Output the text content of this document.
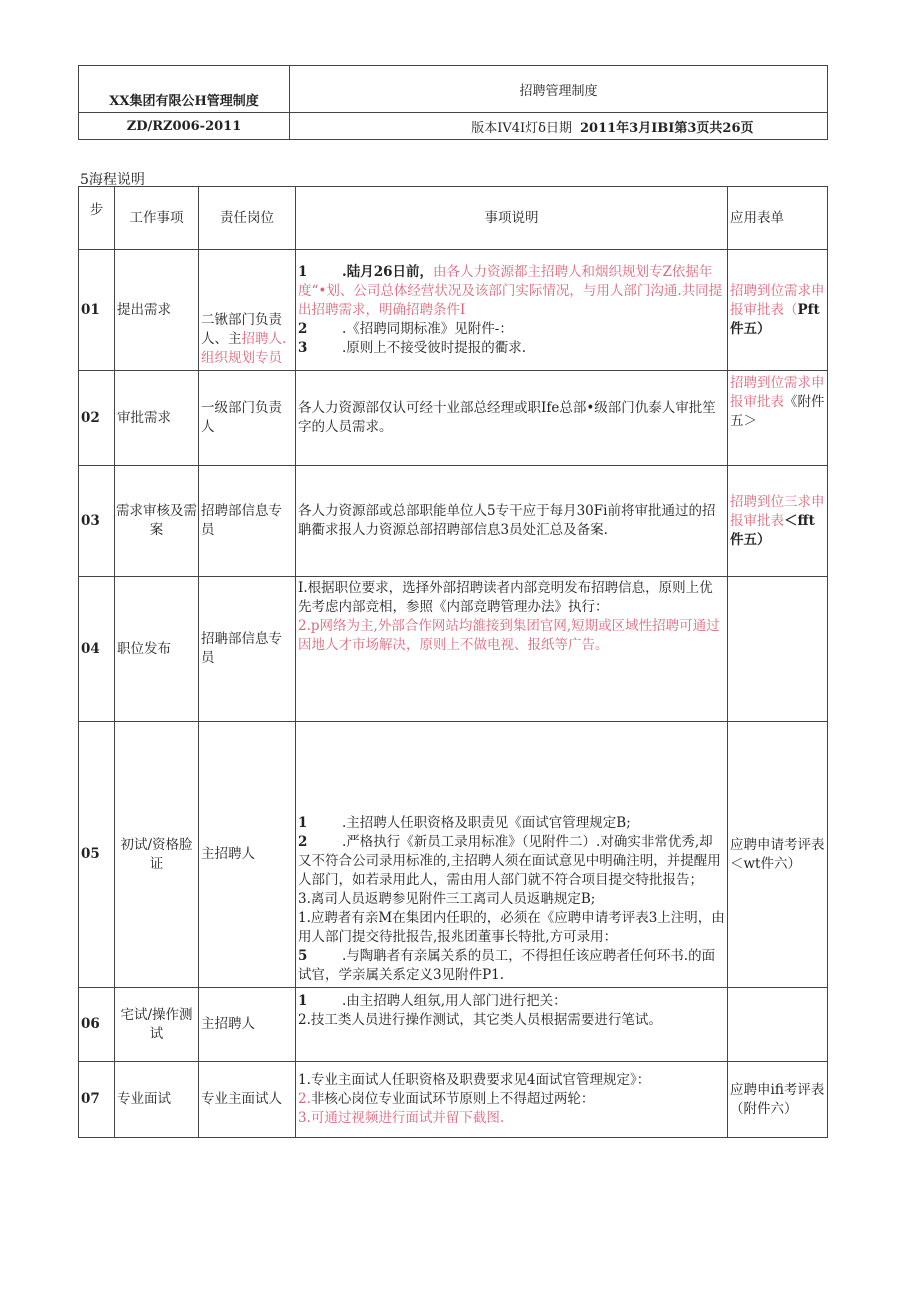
XX集团有限公H管理制度	招聘管理制度
ZD/RZ006-2011	版本IV4I灯δ日期 2011年3月IBI第3页共26页
5海程说明
步	工作事项	责任岗位	事项说明	应用表单
01	提出需求	二锹部门负责人、主招聘人.组织规划专员	1 .陆月26日前，由各人力资源都主招聘人和烟织规划专Z依据年度“•划、公司总体经营状况及该部门实际情况，与用人部门沟通.共同提出招聘需求，明确招聘条件I

2 .《招聘同期标准》见附件-：

3 .原则上不接受彼时提报的衢求.	招聘到位需求申报审批表（Pft件五）
02	审批需求	一级部门负责人	各人力资源部仅认可经十业部总经理或职Ife总部•级部门仇泰人审批笙字的人员需求。	招聘到位需求申报审批表《附件五＞
03	需求审核及需案	招聘部信息专员	各人力资源部或总部职能单位人5专干应于每月30Fi前将审批通过的招聃衢求报人力资源总部招聘部信息3员处汇总及备案.	招聘到位三求申报审批表＜fft件五）
04	职位发布	招聃部信息专员	I.根据职位要求，选择外部招聘读者内部竞明发布招聘信息，原则上优先考虑内部竞相，参照《内部竞聘管理办法》执行：

2.p网络为主,外部合作网站均雒接到集团官网,短期或区域性招聘可通过因地人才市场解决，原则上不做电视、报纸等广告。	

05	初试/资格脸证	主招聘人	1 .主招聘人任职资格及职责见《面试官管理规定B;

2 .严格执行《新员工录用标准》（见附件二）.对确实非常优秀,却又不符合公司录用标准的,主招聘人须在面试意见中明确注明，并提醒用人部门，如若录用此人，需由用人部门就不符合项目提交特批报告；

3.离司人员返聘参见附件三工离司人员返聃规定B;

1.应聘者有亲M在集团内任职的，必须在《应聘申请考评表3上注明，由用人部门提交待批报告,报兆团董事长特批,方可录用：

5 .与陶聃者有亲属关系的员工，不得担任该应聘者任何环书.的面试官，学亲属关系定义3见附件P1.	应聘申请考评表＜wt件六）
06	宅试/操作测试	主招聘人	1 .由主招聘人组氛,用人部门进行把关：

2.技工类人员进行操作测试，其它类人员根据需要进行笔试。	

07	专业面试	专业主面试人	1.专业主面试人任职资格及职费要求见4面试官管理规定》：

2.非核心岗位专业面试环节原则上不得超过两轮：

3.可通过视频进行面试并留下截图.	应聘申ifi考评表（附件六）
